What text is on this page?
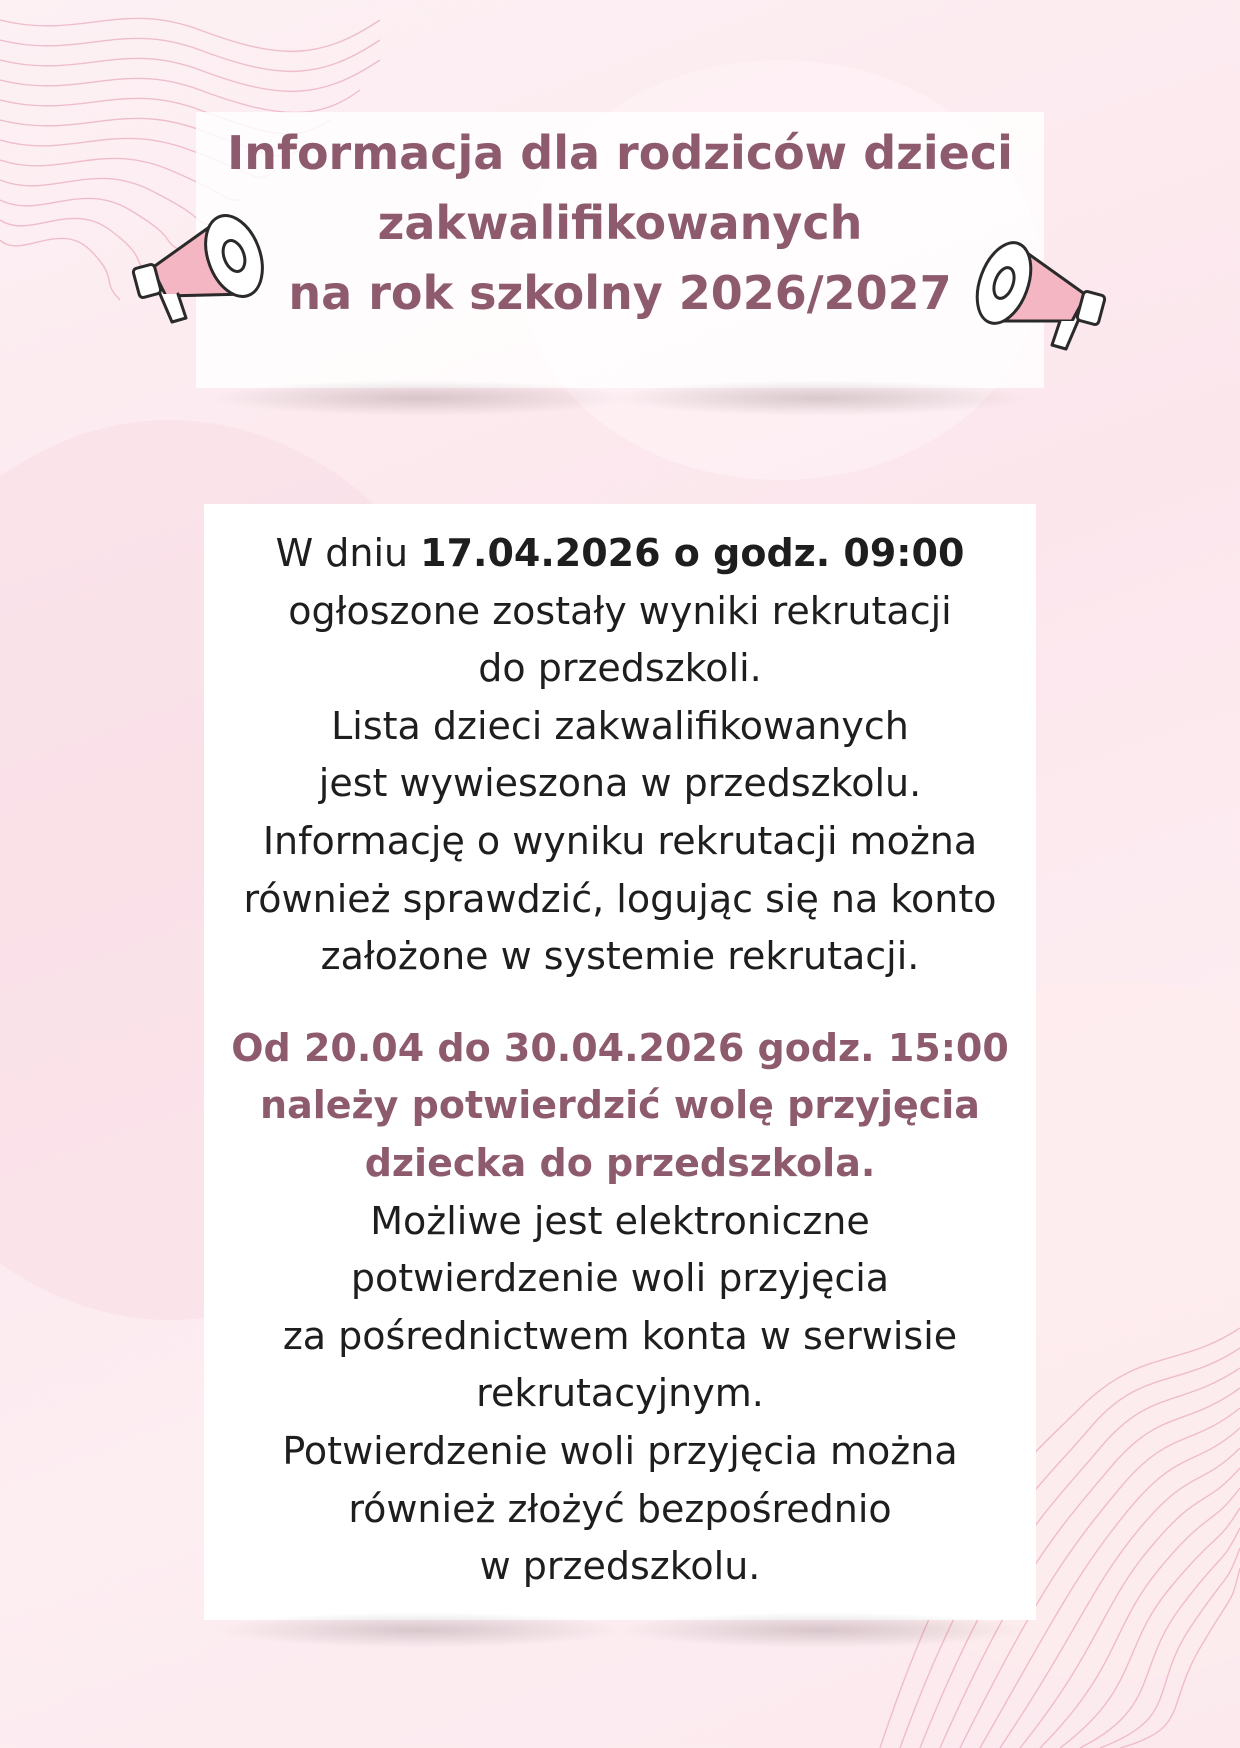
Informacja dla rodziców dzieci
zakwalifikowanych
na rok szkolny 2026/2027

W dniu 17.04.2026 o godz. 09:00
ogłoszone zostały wyniki rekrutacji
do przedszkoli.
Lista dzieci zakwalifikowanych
jest wywieszona w przedszkolu.
Informację o wyniku rekrutacji można
również sprawdzić, logując się na konto
założone w systemie rekrutacji.

Od 20.04 do 30.04.2026 godz. 15:00
należy potwierdzić wolę przyjęcia
dziecka do przedszkola.
Możliwe jest elektroniczne
potwierdzenie woli przyjęcia
za pośrednictwem konta w serwisie
rekrutacyjnym.
Potwierdzenie woli przyjęcia można
również złożyć bezpośrednio
w przedszkolu.
